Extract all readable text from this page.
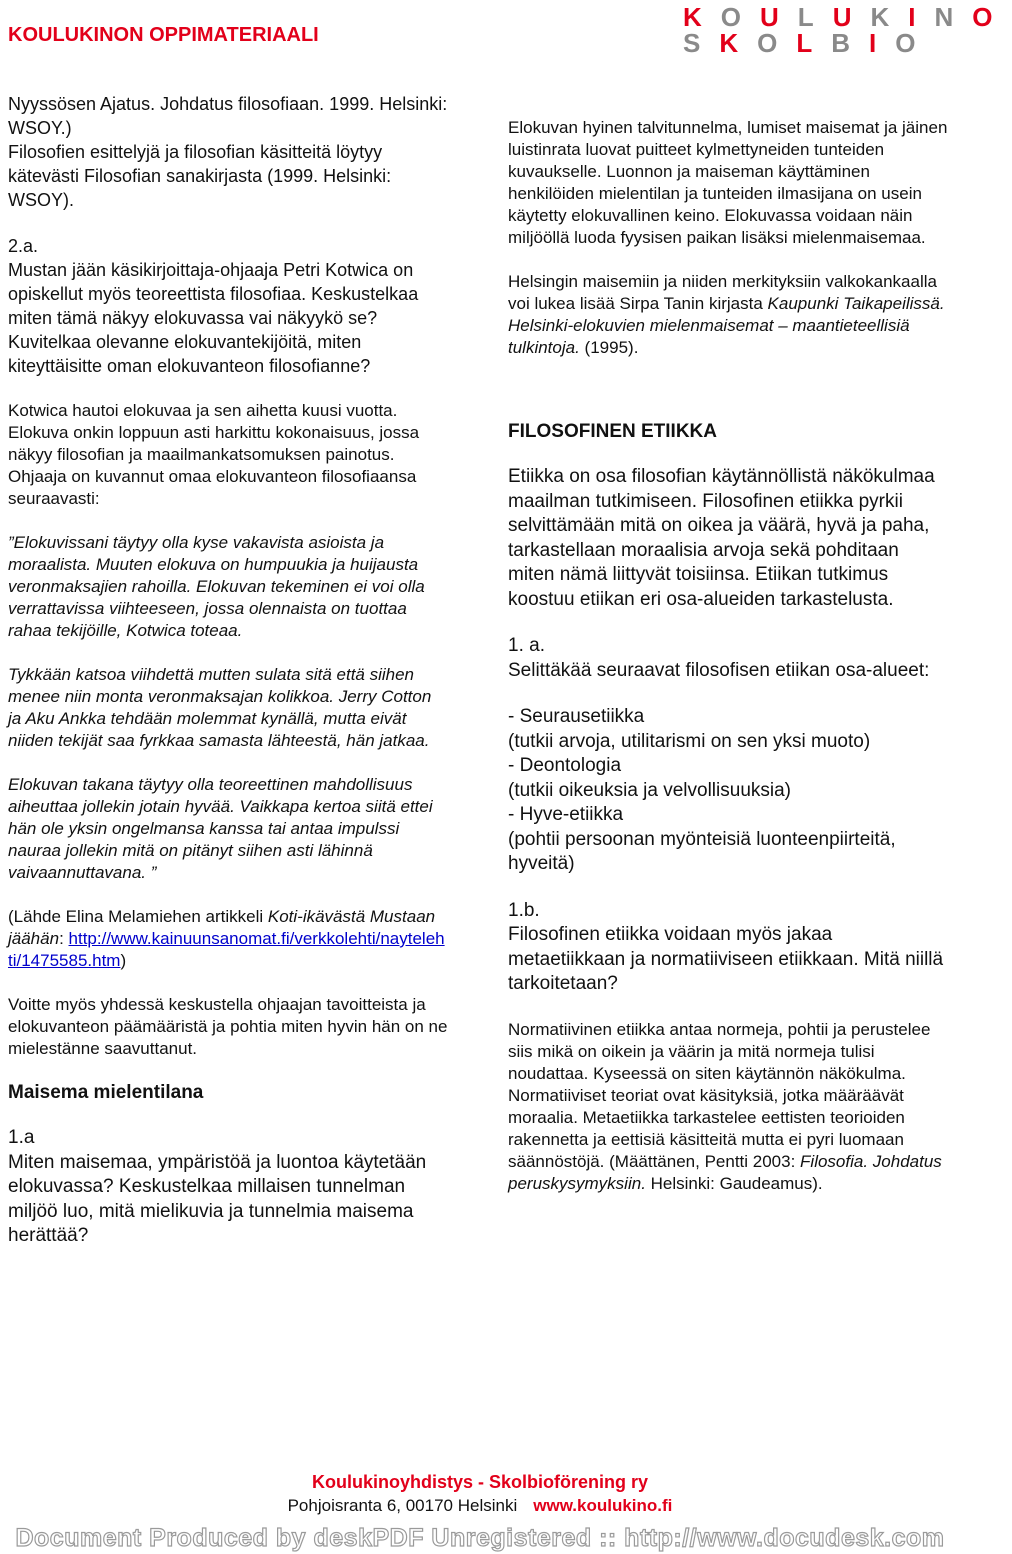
KOULUKINON OPPIMATERIAALI
KOULUKINO
SKOLBIO

Nyyssösen Ajatus. Johdatus filosofiaan. 1999. Helsinki: WSOY.)

Filosofien esittelyjä ja filosofian käsitteitä löytyy kätevästi Filosofian sanakirjasta (1999. Helsinki: WSOY).

2.a.

Mustan jään käsikirjoittaja-ohjaaja Petri Kotwica on opiskellut myös teoreettista filosofiaa. Keskustelkaa miten tämä näkyy elokuvassa vai näkyykö se? Kuvitelkaa olevanne elokuvantekijöitä, miten kiteyttäisitte oman elokuvanteon filosofianne?

Kotwica hautoi elokuvaa ja sen aihetta kuusi vuotta. Elokuva onkin loppuun asti harkittu kokonaisuus, jossa näkyy filosofian ja maailmankatsomuksen painotus. Ohjaaja on kuvannut omaa elokuvanteon filosofiaansa seuraavasti:

”Elokuvissani täytyy olla kyse vakavista asioista ja moraalista. Muuten elokuva on humpuukia ja huijausta veronmaksajien rahoilla. Elokuvan tekeminen ei voi olla verrattavissa viihteeseen, jossa olennaista on tuottaa rahaa tekijöille, Kotwica toteaa.

Tykkään katsoa viihdettä mutten sulata sitä että siihen menee niin monta veronmaksajan kolikkoa. Jerry Cotton ja Aku Ankka tehdään molemmat kynällä, mutta eivät niiden tekijät saa fyrkkaa samasta lähteestä, hän jatkaa.

Elokuvan takana täytyy olla teoreettinen mahdollisuus aiheuttaa jollekin jotain hyvää. Vaikkapa kertoa siitä ettei hän ole yksin ongelmansa kanssa tai antaa impulssi nauraa jollekin mitä on pitänyt siihen asti lähinnä vaivaannuttavana. ”

(Lähde Elina Melamiehen artikkeli Koti-ikävästä Mustaan jäähän: http://www.kainuunsanomat.fi/verkkolehti/nayteleh ti/1475585.htm)

Voitte myös yhdessä keskustella ohjaajan tavoitteista ja elokuvanteon päämääristä ja pohtia miten hyvin hän on ne mielestänne saavuttanut.

Maisema mielentilana

1.a

Miten maisemaa, ympäristöä ja luontoa käytetään elokuvassa? Keskustelkaa millaisen tunnelman miljöö luo, mitä mielikuvia ja tunnelmia maisema herättää?

Elokuvan hyinen talvitunnelma, lumiset maisemat ja jäinen luistinrata luovat puitteet kylmettyneiden tunteiden kuvaukselle. Luonnon ja maiseman käyttäminen henkilöiden mielentilan ja tunteiden ilmasijana on usein käytetty elokuvallinen keino. Elokuvassa voidaan näin miljööllä luoda fyysisen paikan lisäksi mielenmaisemaa.

Helsingin maisemiin ja niiden merkityksiin valkokankaalla voi lukea lisää Sirpa Tanin kirjasta Kaupunki Taikapeilissä. Helsinki-elokuvien mielenmaisemat – maantieteellisiä tulkintoja. (1995).

FILOSOFINEN ETIIKKA

Etiikka on osa filosofian käytännöllistä näkökulmaa maailman tutkimiseen. Filosofinen etiikka pyrkii selvittämään mitä on oikea ja väärä, hyvä ja paha, tarkastellaan moraalisia arvoja sekä pohditaan miten nämä liittyvät toisiinsa. Etiikan tutkimus koostuu etiikan eri osa-alueiden tarkastelusta.

1. a.

Selittäkää seuraavat filosofisen etiikan osa-alueet:

- Seurausetiikka

(tutkii arvoja, utilitarismi on sen yksi muoto)

- Deontologia

(tutkii oikeuksia ja velvollisuuksia)

- Hyve-etiikka

(pohtii persoonan myönteisiä luonteenpiirteitä, hyveitä)

1.b.

Filosofinen etiikka voidaan myös jakaa metaetiikkaan ja normatiiviseen etiikkaan. Mitä niillä tarkoitetaan?

Normatiivinen etiikka antaa normeja, pohtii ja perustelee siis mikä on oikein ja väärin ja mitä normeja tulisi noudattaa. Kyseessä on siten käytännön näkökulma. Normatiiviset teoriat ovat käsityksiä, jotka määräävät moraalia. Metaetiikka tarkastelee eettisten teorioiden rakennetta ja eettisiä käsitteitä mutta ei pyri luomaan säännöstöjä. (Määttänen, Pentti 2003: Filosofia. Johdatus peruskysymyksiin. Helsinki: Gaudeamus).

Koulukinoyhdistys - Skolbioförening ry
Pohjoisranta 6, 00170 Helsinki www.koulukino.fi
Document Produced by deskPDF Unregistered :: http://www.docudesk.com
